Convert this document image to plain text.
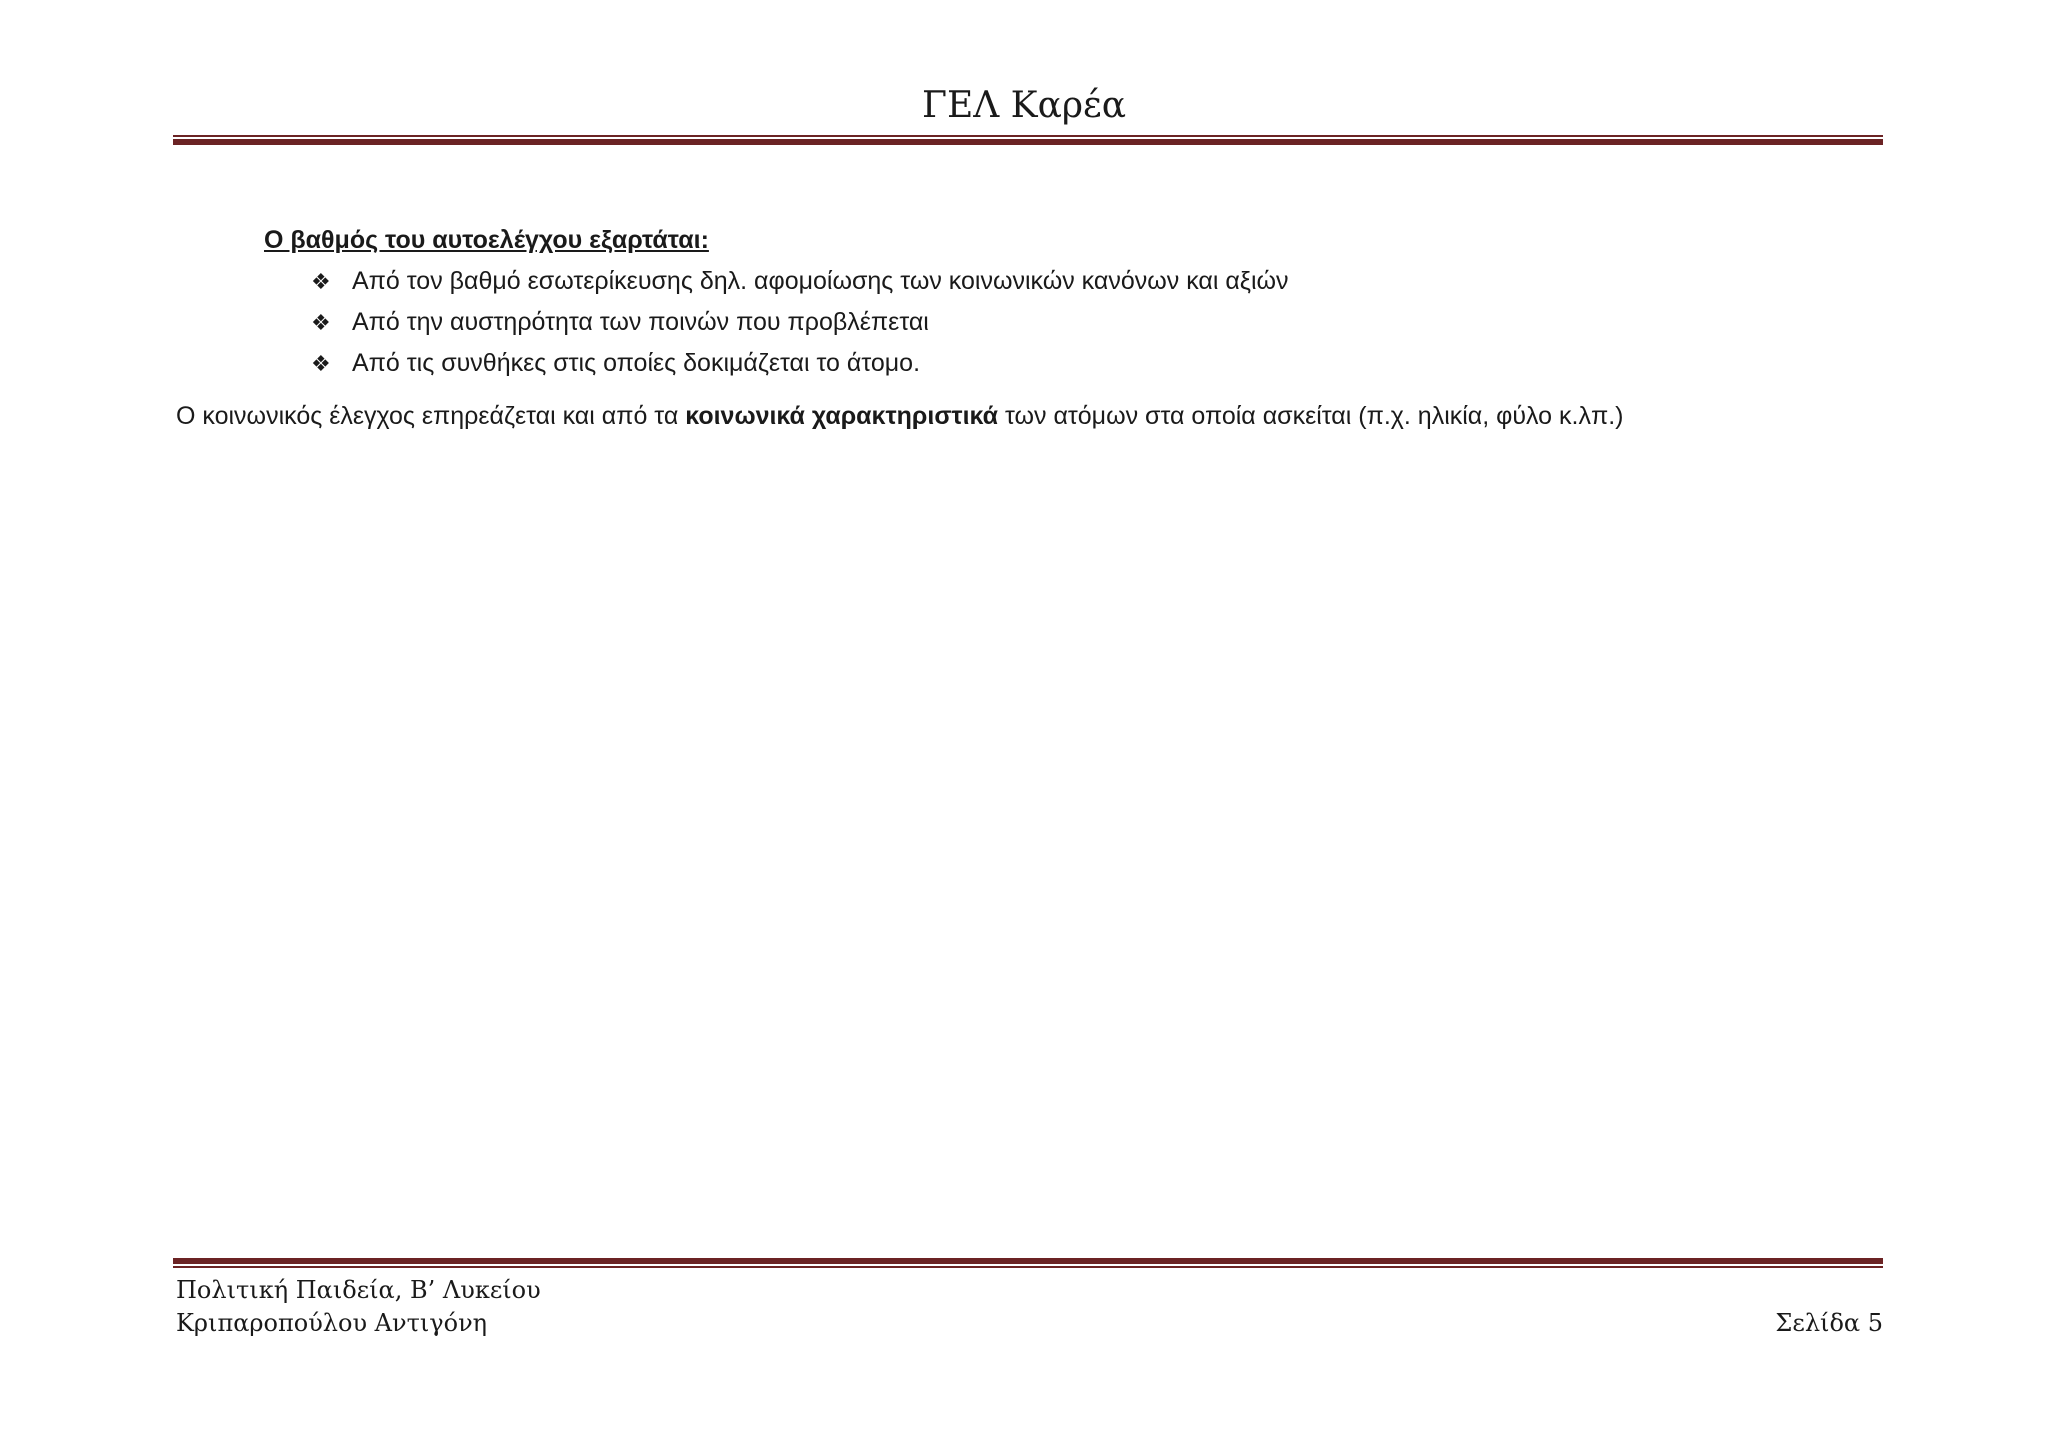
ΓΕΛ Καρέα
Ο βαθμός του αυτοελέγχου εξαρτάται:
❖ Από τον βαθμό εσωτερίκευσης δηλ. αφομοίωσης των κοινωνικών κανόνων και αξιών
❖ Από την αυστηρότητα των ποινών που προβλέπεται
❖ Από τις συνθήκες στις οποίες δοκιμάζεται το άτομο.
Ο κοινωνικός έλεγχος επηρεάζεται και από τα κοινωνικά χαρακτηριστικά των ατόμων στα οποία ασκείται (π.χ. ηλικία, φύλο κ.λπ.)
Πολιτική Παιδεία, Β’ Λυκείου
Κριπαροπούλου Αντιγόνη	Σελίδα 5
